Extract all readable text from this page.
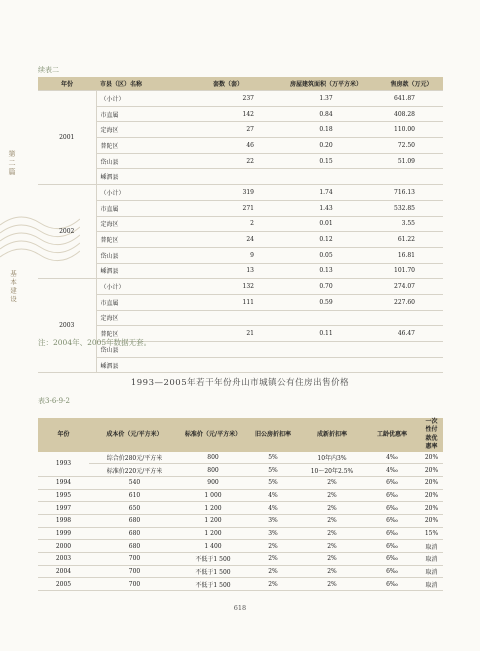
续表二
第二篇
基本建设
年份	市县（区）名称	套数（套）	房屋建筑面积（万平方米）	售房款（万元）
2001	（小计）	237	1.37	641.87
	市直属	142	0.84	408.28
	定海区	27	0.18	110.00
	普陀区	46	0.20	72.50
	岱山县	22	0.15	51.09
	嵊泗县			
2002	（小计）	319	1.74	716.13
	市直属	271	1.43	532.85
	定海区	2	0.01	3.55
	普陀区	24	0.12	61.22
	岱山县	9	0.05	16.81
	嵊泗县	13	0.13	101.70
2003	（小计）	132	0.70	274.07
	市直属	111	0.59	227.60
	定海区			
	普陀区	21	0.11	46.47
	岱山县			
	嵊泗县			
注：2004年、2005年数据无套。
1993—2005年若干年份舟山市城镇公有住房出售价格
表3-6-9-2
年份	成本价（元/平方米）	标准价（元/平方米）	旧公房折扣率	成新折扣率	工龄优惠率	一次性付款优惠率
1993	综合价280元/平方米	800	5%	10年内3%	4‰	20%
	标准价220元/平方米	800	5%	10～20年2.5%	4‰	20%
1994	540	900	5%	2%	6‰	20%
1995	610	1 000	4%	2%	6‰	20%
1997	650	1 200	4%	2%	6‰	20%
1998	680	1 200	3%	2%	6‰	20%
1999	680	1 200	3%	2%	6‰	15%
2000	680	1 400	2%	2%	6‰	取消
2003	700	不低于1 500	2%	2%	6‰	取消
2004	700	不低于1 500	2%	2%	6‰	取消
2005	700	不低于1 500	2%	2%	6‰	取消
618
